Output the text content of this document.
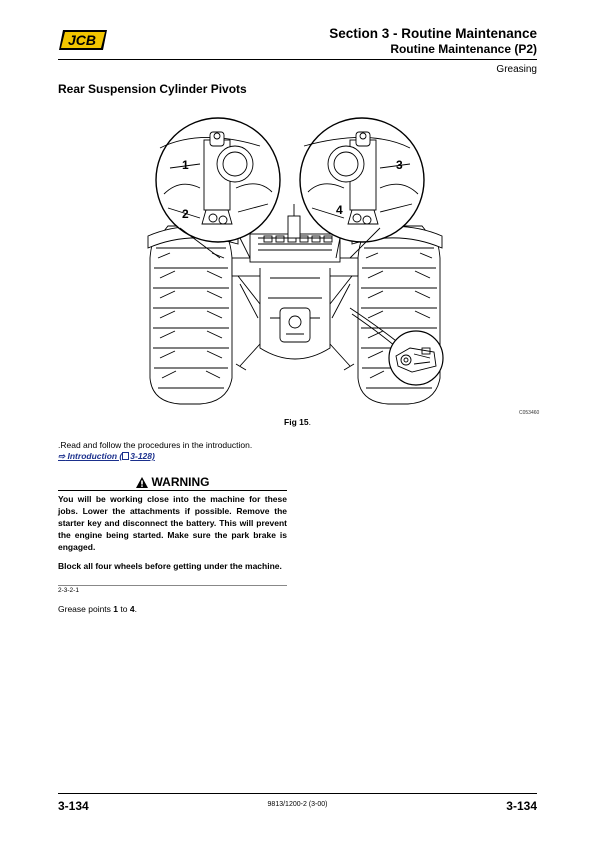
JCB	Section 3 - Routine Maintenance
Routine Maintenance (P2)
Greasing
Rear Suspension Cylinder Pivots
1
2
3
4
C053460
Fig 15.
.Read and follow the procedures in the introduction.
⇨ Introduction ( 3-128)
WARNING
You will be working close into the machine for these jobs. Lower the attachments if possible. Remove the starter key and disconnect the battery. This will prevent the engine being started. Make sure the park brake is engaged.
Block all four wheels before getting under the machine.
2-3-2-1
Grease points 1 to 4.
3-134	9813/1200-2 (3-00)	3-134
